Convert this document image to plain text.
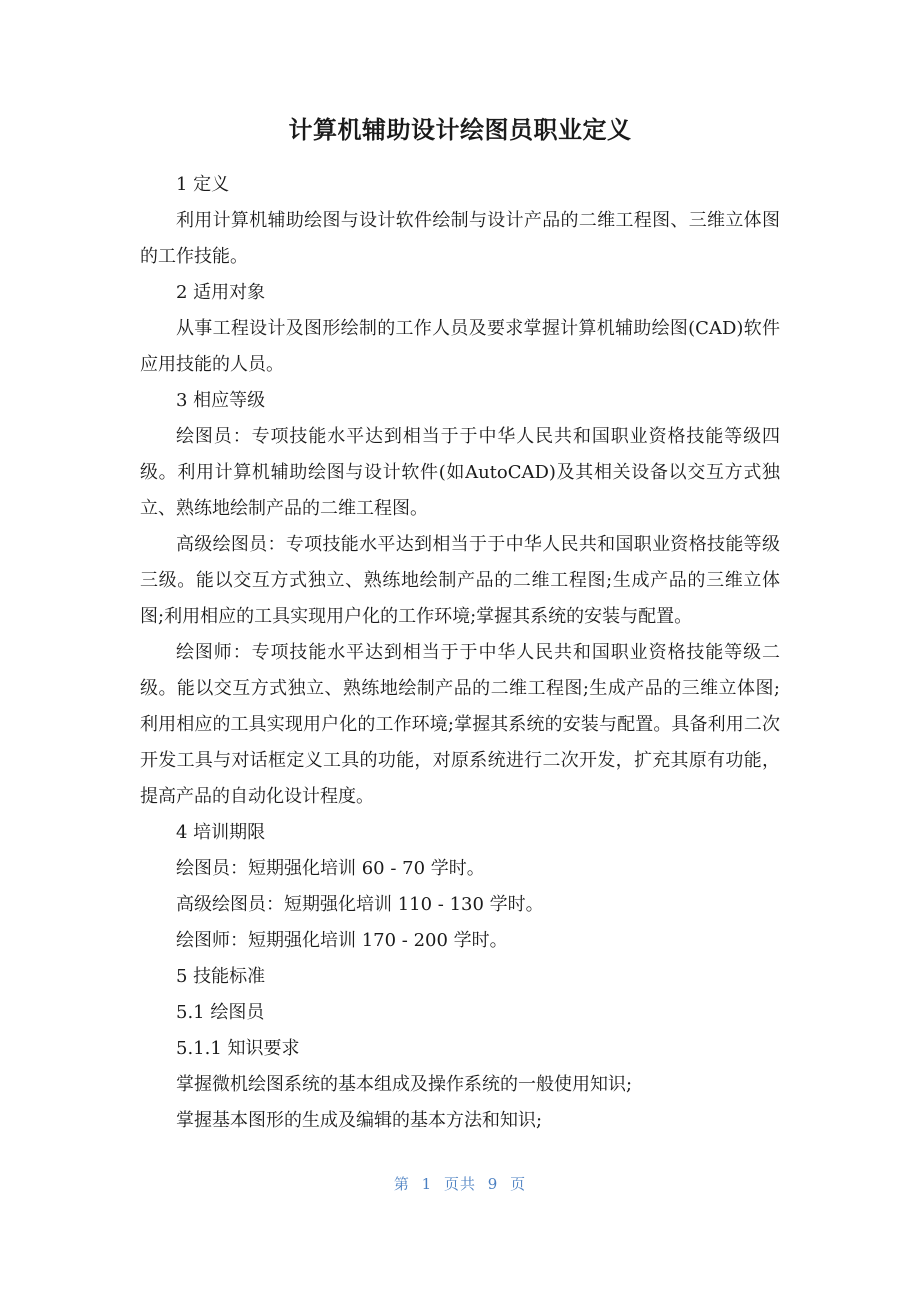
计算机辅助设计绘图员职业定义

1 定义

利用计算机辅助绘图与设计软件绘制与设计产品的二维工程图、三维立体图的工作技能。

2 适用对象

从事工程设计及图形绘制的工作人员及要求掌握计算机辅助绘图(CAD)软件应用技能的人员。

3 相应等级

绘图员：专项技能水平达到相当于于中华人民共和国职业资格技能等级四级。利用计算机辅助绘图与设计软件(如AutoCAD)及其相关设备以交互方式独立、熟练地绘制产品的二维工程图。

高级绘图员：专项技能水平达到相当于于中华人民共和国职业资格技能等级三级。能以交互方式独立、熟练地绘制产品的二维工程图;生成产品的三维立体图;利用相应的工具实现用户化的工作环境;掌握其系统的安装与配置。

绘图师：专项技能水平达到相当于于中华人民共和国职业资格技能等级二级。能以交互方式独立、熟练地绘制产品的二维工程图;生成产品的三维立体图;利用相应的工具实现用户化的工作环境;掌握其系统的安装与配置。具备利用二次开发工具与对话框定义工具的功能，对原系统进行二次开发，扩充其原有功能，提高产品的自动化设计程度。

4 培训期限

绘图员：短期强化培训 60 - 70 学时。

高级绘图员：短期强化培训 110 - 130 学时。

绘图师：短期强化培训 170 - 200 学时。

5 技能标准

5.1 绘图员

5.1.1 知识要求

掌握微机绘图系统的基本组成及操作系统的一般使用知识;

掌握基本图形的生成及编辑的基本方法和知识;

第 1 页共 9 页
